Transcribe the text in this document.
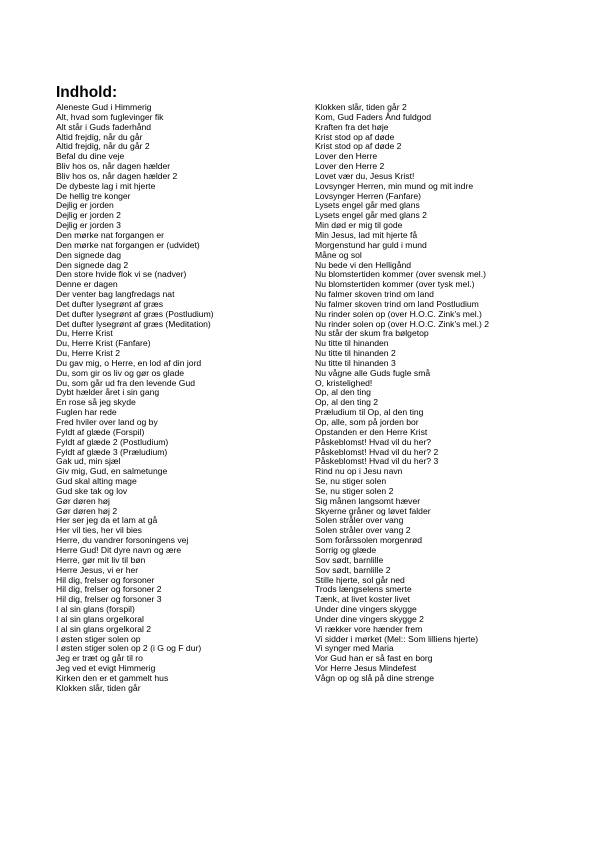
Indhold:
Aleneste Gud i Himmerig
Alt, hvad som fuglevinger fik
Alt står i Guds faderhånd
Altid frejdig, når du går
Altid frejdig, når du går 2
Befal du dine veje
Bliv hos os, når dagen hælder
Bliv hos os, når dagen hælder 2
De dybeste lag i mit hjerte
De hellig tre konger
Dejlig er jorden
Dejlig er jorden 2
Dejlig er jorden 3
Den mørke nat forgangen er
Den mørke nat forgangen er (udvidet)
Den signede dag
Den signede dag 2
Den store hvide flok vi se (nadver)
Denne er dagen
Der venter bag langfredags nat
Det dufter lysegrønt af græs
Det dufter lysegrønt af græs (Postludium)
Det dufter lysegrønt af græs (Meditation)
Du, Herre Krist
Du, Herre Krist (Fanfare)
Du, Herre Krist 2
Du gav mig, o Herre, en lod af din jord
Du, som gir os liv og gør os glade
Du, som går ud fra den levende Gud
Dybt hælder året i sin gang
En rose så jeg skyde
Fuglen har rede
Fred hviler over land og by
Fyldt af glæde (Forspil)
Fyldt af glæde 2 (Postludium)
Fyldt af glæde 3 (Præludium)
Gak ud, min sjæl
Giv mig, Gud, en salmetunge
Gud skal alting mage
Gud ske tak og lov
Gør døren høj
Gør døren høj 2
Her ser jeg da et lam at gå
Her vil ties, her vil bies
Herre, du vandrer forsoningens vej
Herre Gud! Dit dyre navn og ære
Herre, gør mit liv til bøn
Herre Jesus, vi er her
Hil dig, frelser og forsoner
Hil dig, frelser og forsoner 2
Hil dig, frelser og forsoner 3
I al sin glans (forspil)
I al sin glans orgelkoral
I al sin glans orgelkoral 2
I østen stiger solen op
I østen stiger solen op 2 (i G og F dur)
Jeg er træt og går til ro
Jeg ved et evigt Himmerig
Kirken den er et gammelt hus
Klokken slår, tiden går
Klokken slår, tiden går 2
Kom, Gud Faders Ånd fuldgod
Kraften fra det høje
Krist stod op af døde
Krist stod op af døde 2
Lover den Herre
Lover den Herre 2
Lovet vær du, Jesus Krist!
Lovsynger Herren, min mund og mit indre
Lovsynger Herren (Fanfare)
Lysets engel går med glans
Lysets engel går med glans 2
Min død er mig til gode
Min Jesus, lad mit hjerte få
Morgenstund har guld i mund
Måne og sol
Nu bede vi den Helligånd
Nu blomstertiden kommer (over svensk mel.)
Nu blomstertiden kommer (over tysk mel.)
Nu falmer skoven trind om land
Nu falmer skoven trind om land Postludium
Nu rinder solen op (over H.O.C. Zink's mel.)
Nu rinder solen op (over H.O.C. Zink's mel.) 2
Nu står der skum fra bølgetop
Nu titte til hinanden
Nu titte til hinanden 2
Nu titte til hinanden 3
Nu vågne alle Guds fugle små
O, kristelighed!
Op, al den ting
Op, al den ting 2
Præludium til Op, al den ting
Op, alle, som på jorden bor
Opstanden er den Herre Krist
Påskeblomst! Hvad vil du her?
Påskeblomst! Hvad vil du her? 2
Påskeblomst! Hvad vil du her? 3
Rind nu op i Jesu navn
Se, nu stiger solen
Se, nu stiger solen 2
Sig månen langsomt hæver
Skyerne gråner og løvet falder
Solen stråler over vang
Solen stråler over vang 2
Som forårssolen morgenrød
Sorrig og glæde
Sov sødt, barnlille
Sov sødt, barnlille 2
Stille hjerte, sol går ned
Trods længselens smerte
Tænk, at livet koster livet
Under dine vingers skygge
Under dine vingers skygge 2
Vi rækker vore hænder frem
Vi sidder i mørket (Mel:: Som lilliens hjerte)
Vi synger med Maria
Vor Gud han er så fast en borg
Vor Herre Jesus Mindefest
Vågn op og slå på dine strenge
